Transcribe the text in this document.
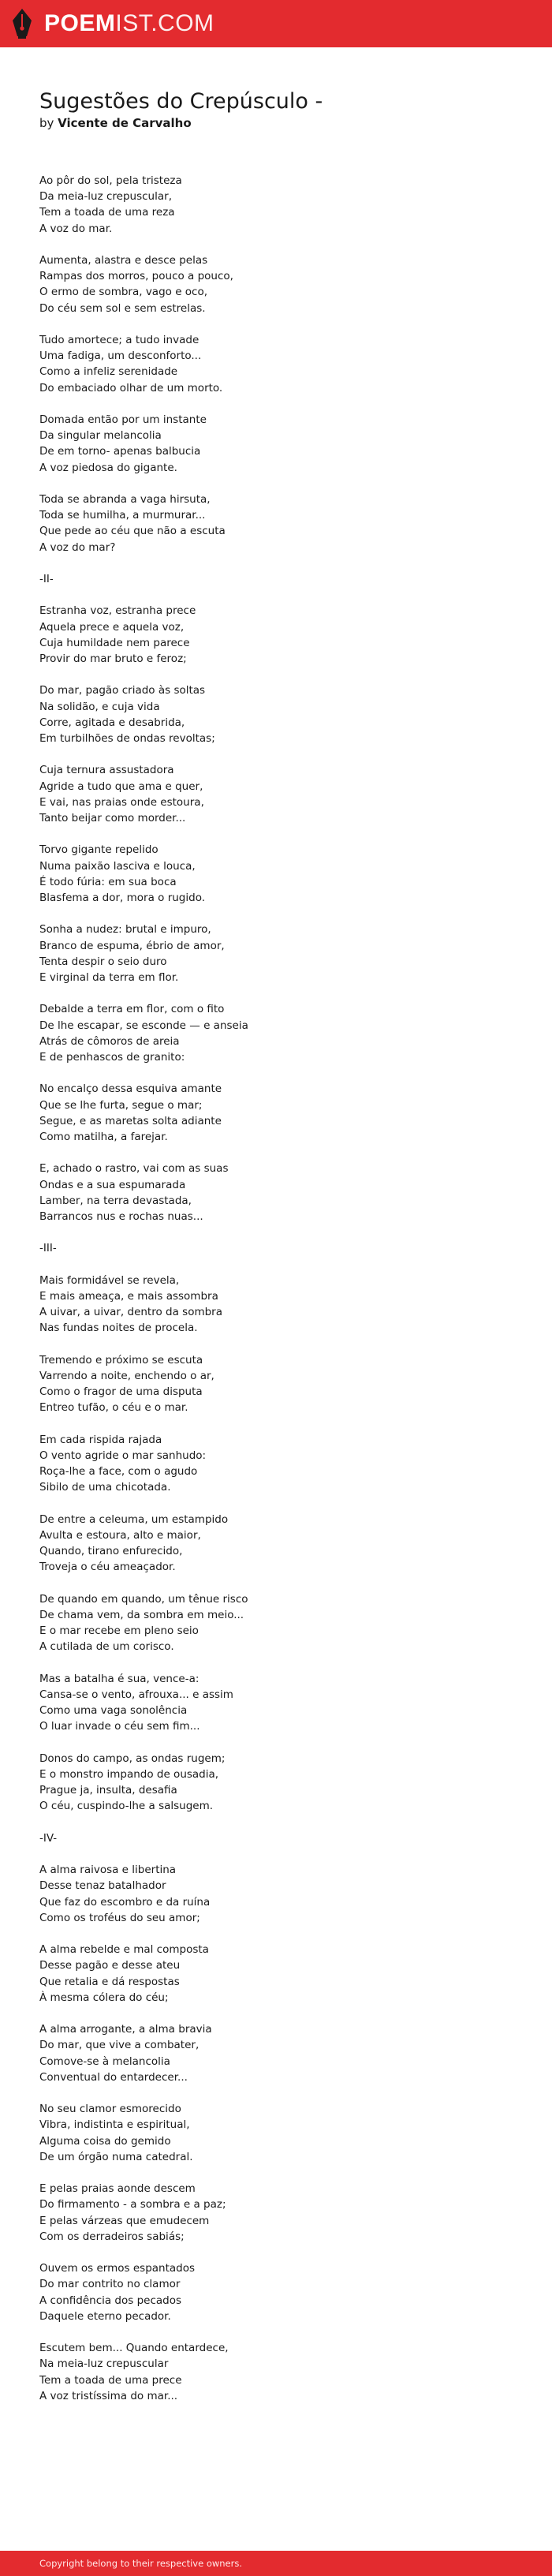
POEMIST.COM
Sugestões do Crepúsculo -
by Vicente de Carvalho
Ao pôr do sol, pela tristeza
Da meia-luz crepuscular,
Tem a toada de uma reza
A voz do mar.
Aumenta, alastra e desce pelas
Rampas dos morros, pouco a pouco,
O ermo de sombra, vago e oco,
Do céu sem sol e sem estrelas.
Tudo amortece; a tudo invade
Uma fadiga, um desconforto...
Como a infeliz serenidade
Do embaciado olhar de um morto.
Domada então por um instante
Da singular melancolia
De em torno- apenas balbucia
A voz piedosa do gigante.
Toda se abranda a vaga hirsuta,
Toda se humilha, a murmurar...
Que pede ao céu que não a escuta
A voz do mar?
-II-
Estranha voz, estranha prece
Aquela prece e aquela voz,
Cuja humildade nem parece
Provir do mar bruto e feroz;
Do mar, pagão criado às soltas
Na solidão, e cuja vida
Corre, agitada e desabrida,
Em turbilhões de ondas revoltas;
Cuja ternura assustadora
Agride a tudo que ama e quer,
E vai, nas praias onde estoura,
Tanto beijar como morder...
Torvo gigante repelido
Numa paixão lasciva e louca,
É todo fúria: em sua boca
Blasfema a dor, mora o rugido.
Sonha a nudez: brutal e impuro,
Branco de espuma, ébrio de amor,
Tenta despir o seio duro
E virginal da terra em flor.
Debalde a terra em flor, com o fito
De lhe escapar, se esconde — e anseia
Atrás de cômoros de areia
E de penhascos de granito:
No encalço dessa esquiva amante
Que se lhe furta, segue o mar;
Segue, e as maretas solta adiante
Como matilha, a farejar.
E, achado o rastro, vai com as suas
Ondas e a sua espumarada
Lamber, na terra devastada,
Barrancos nus e rochas nuas...
-III-
Mais formidável se revela,
E mais ameaça, e mais assombra
A uivar, a uivar, dentro da sombra
Nas fundas noites de procela.
Tremendo e próximo se escuta
Varrendo a noite, enchendo o ar,
Como o fragor de uma disputa
Entreo tufão, o céu e o mar.
Em cada rispida rajada
O vento agride o mar sanhudo:
Roça-lhe a face, com o agudo
Sibilo de uma chicotada.
De entre a celeuma, um estampido
Avulta e estoura, alto e maior,
Quando, tirano enfurecido,
Troveja o céu ameaçador.
De quando em quando, um tênue risco
De chama vem, da sombra em meio...
E o mar recebe em pleno seio
A cutilada de um corisco.
Mas a batalha é sua, vence-a:
Cansa-se o vento, afrouxa... e assim
Como uma vaga sonolência
O luar invade o céu sem fim...
Donos do campo, as ondas rugem;
E o monstro impando de ousadia,
Prague ja, insulta, desafia
O céu, cuspindo-lhe a salsugem.
-IV-
A alma raivosa e libertina
Desse tenaz batalhador
Que faz do escombro e da ruína
Como os troféus do seu amor;
A alma rebelde e mal composta
Desse pagão e desse ateu
Que retalia e dá respostas
À mesma cólera do céu;
A alma arrogante, a alma bravia
Do mar, que vive a combater,
Comove-se à melancolia
Conventual do entardecer...
No seu clamor esmorecido
Vibra, indistinta e espiritual,
Alguma coisa do gemido
De um órgão numa catedral.
E pelas praias aonde descem
Do firmamento - a sombra e a paz;
E pelas várzeas que emudecem
Com os derradeiros sabiás;
Ouvem os ermos espantados
Do mar contrito no clamor
A confidência dos pecados
Daquele eterno pecador.
Escutem bem... Quando entardece,
Na meia-luz crepuscular
Tem a toada de uma prece
A voz tristíssima do mar...
Copyright belong to their respective owners.
